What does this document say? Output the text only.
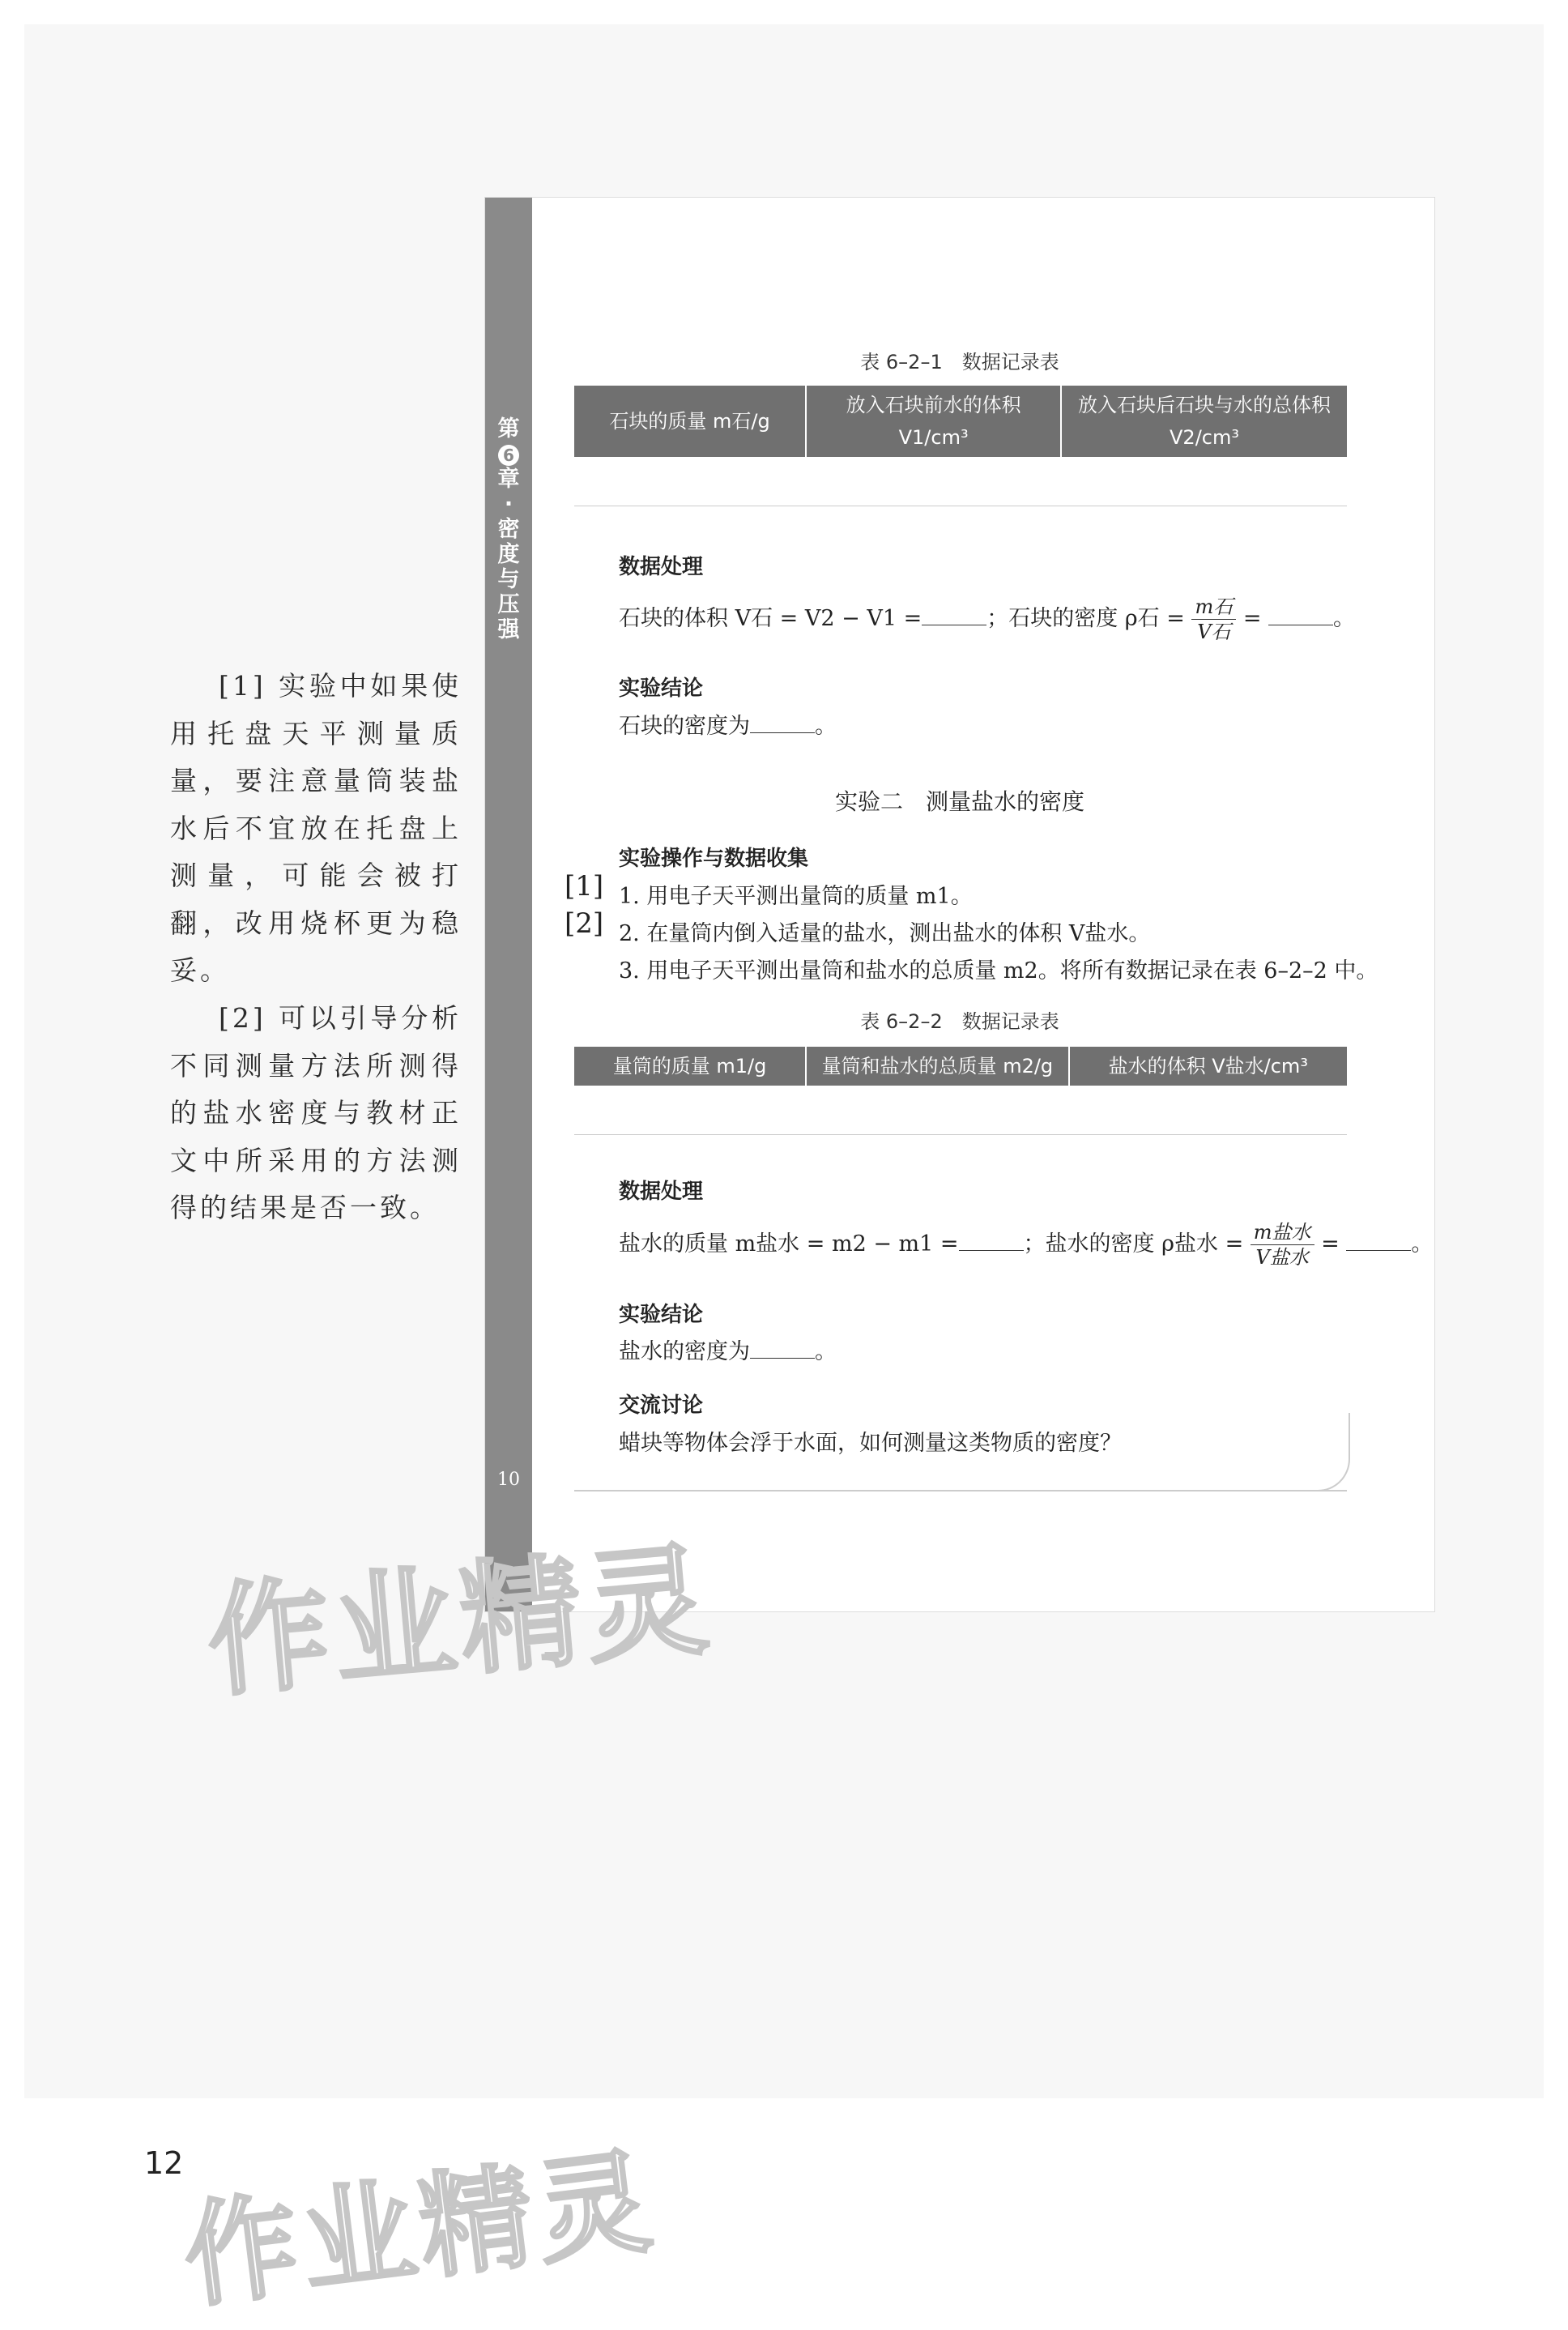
[1] 实验中如果使用托盘天平测量质量，要注意量筒装盐水后不宜放在托盘上测量，可能会被打翻，改用烧杯更为稳妥。

[2] 可以引导分析不同测量方法所测得的盐水密度与教材正文中所采用的方法测得的结果是否一致。

第
6
章·密度与压强
10
表 6–2–1　数据记录表
石块的质量 m石/g	放入石块前水的体积 V1/cm³	放入石块后石块与水的总体积 V2/cm³

数据处理
石块的体积 V石 = V2 − V1 =	；石块的密度 ρ石 = $\frac{\text{m石}}{\text{V石}}$ =	。
实验结论
石块的密度为	。
实验二　测量盐水的密度
实验操作与数据收集
[1]
[2]
1. 用电子天平测出量筒的质量 m1。
2. 在量筒内倒入适量的盐水，测出盐水的体积 V盐水。
3. 用电子天平测出量筒和盐水的总质量 m2。将所有数据记录在表 6–2–2 中。
表 6–2–2　数据记录表
量筒的质量 m1/g	量筒和盐水的总质量 m2/g	盐水的体积 V盐水/cm³

数据处理
盐水的质量 m盐水 = m2 − m1 =	；盐水的密度 ρ盐水 = $\frac{\text{m盐水}}{\text{V盐水}}$ =	。
实验结论
盐水的密度为	。
交流讨论
蜡块等物体会浮于水面，如何测量这类物质的密度？
12
作业精灵
作业精灵
